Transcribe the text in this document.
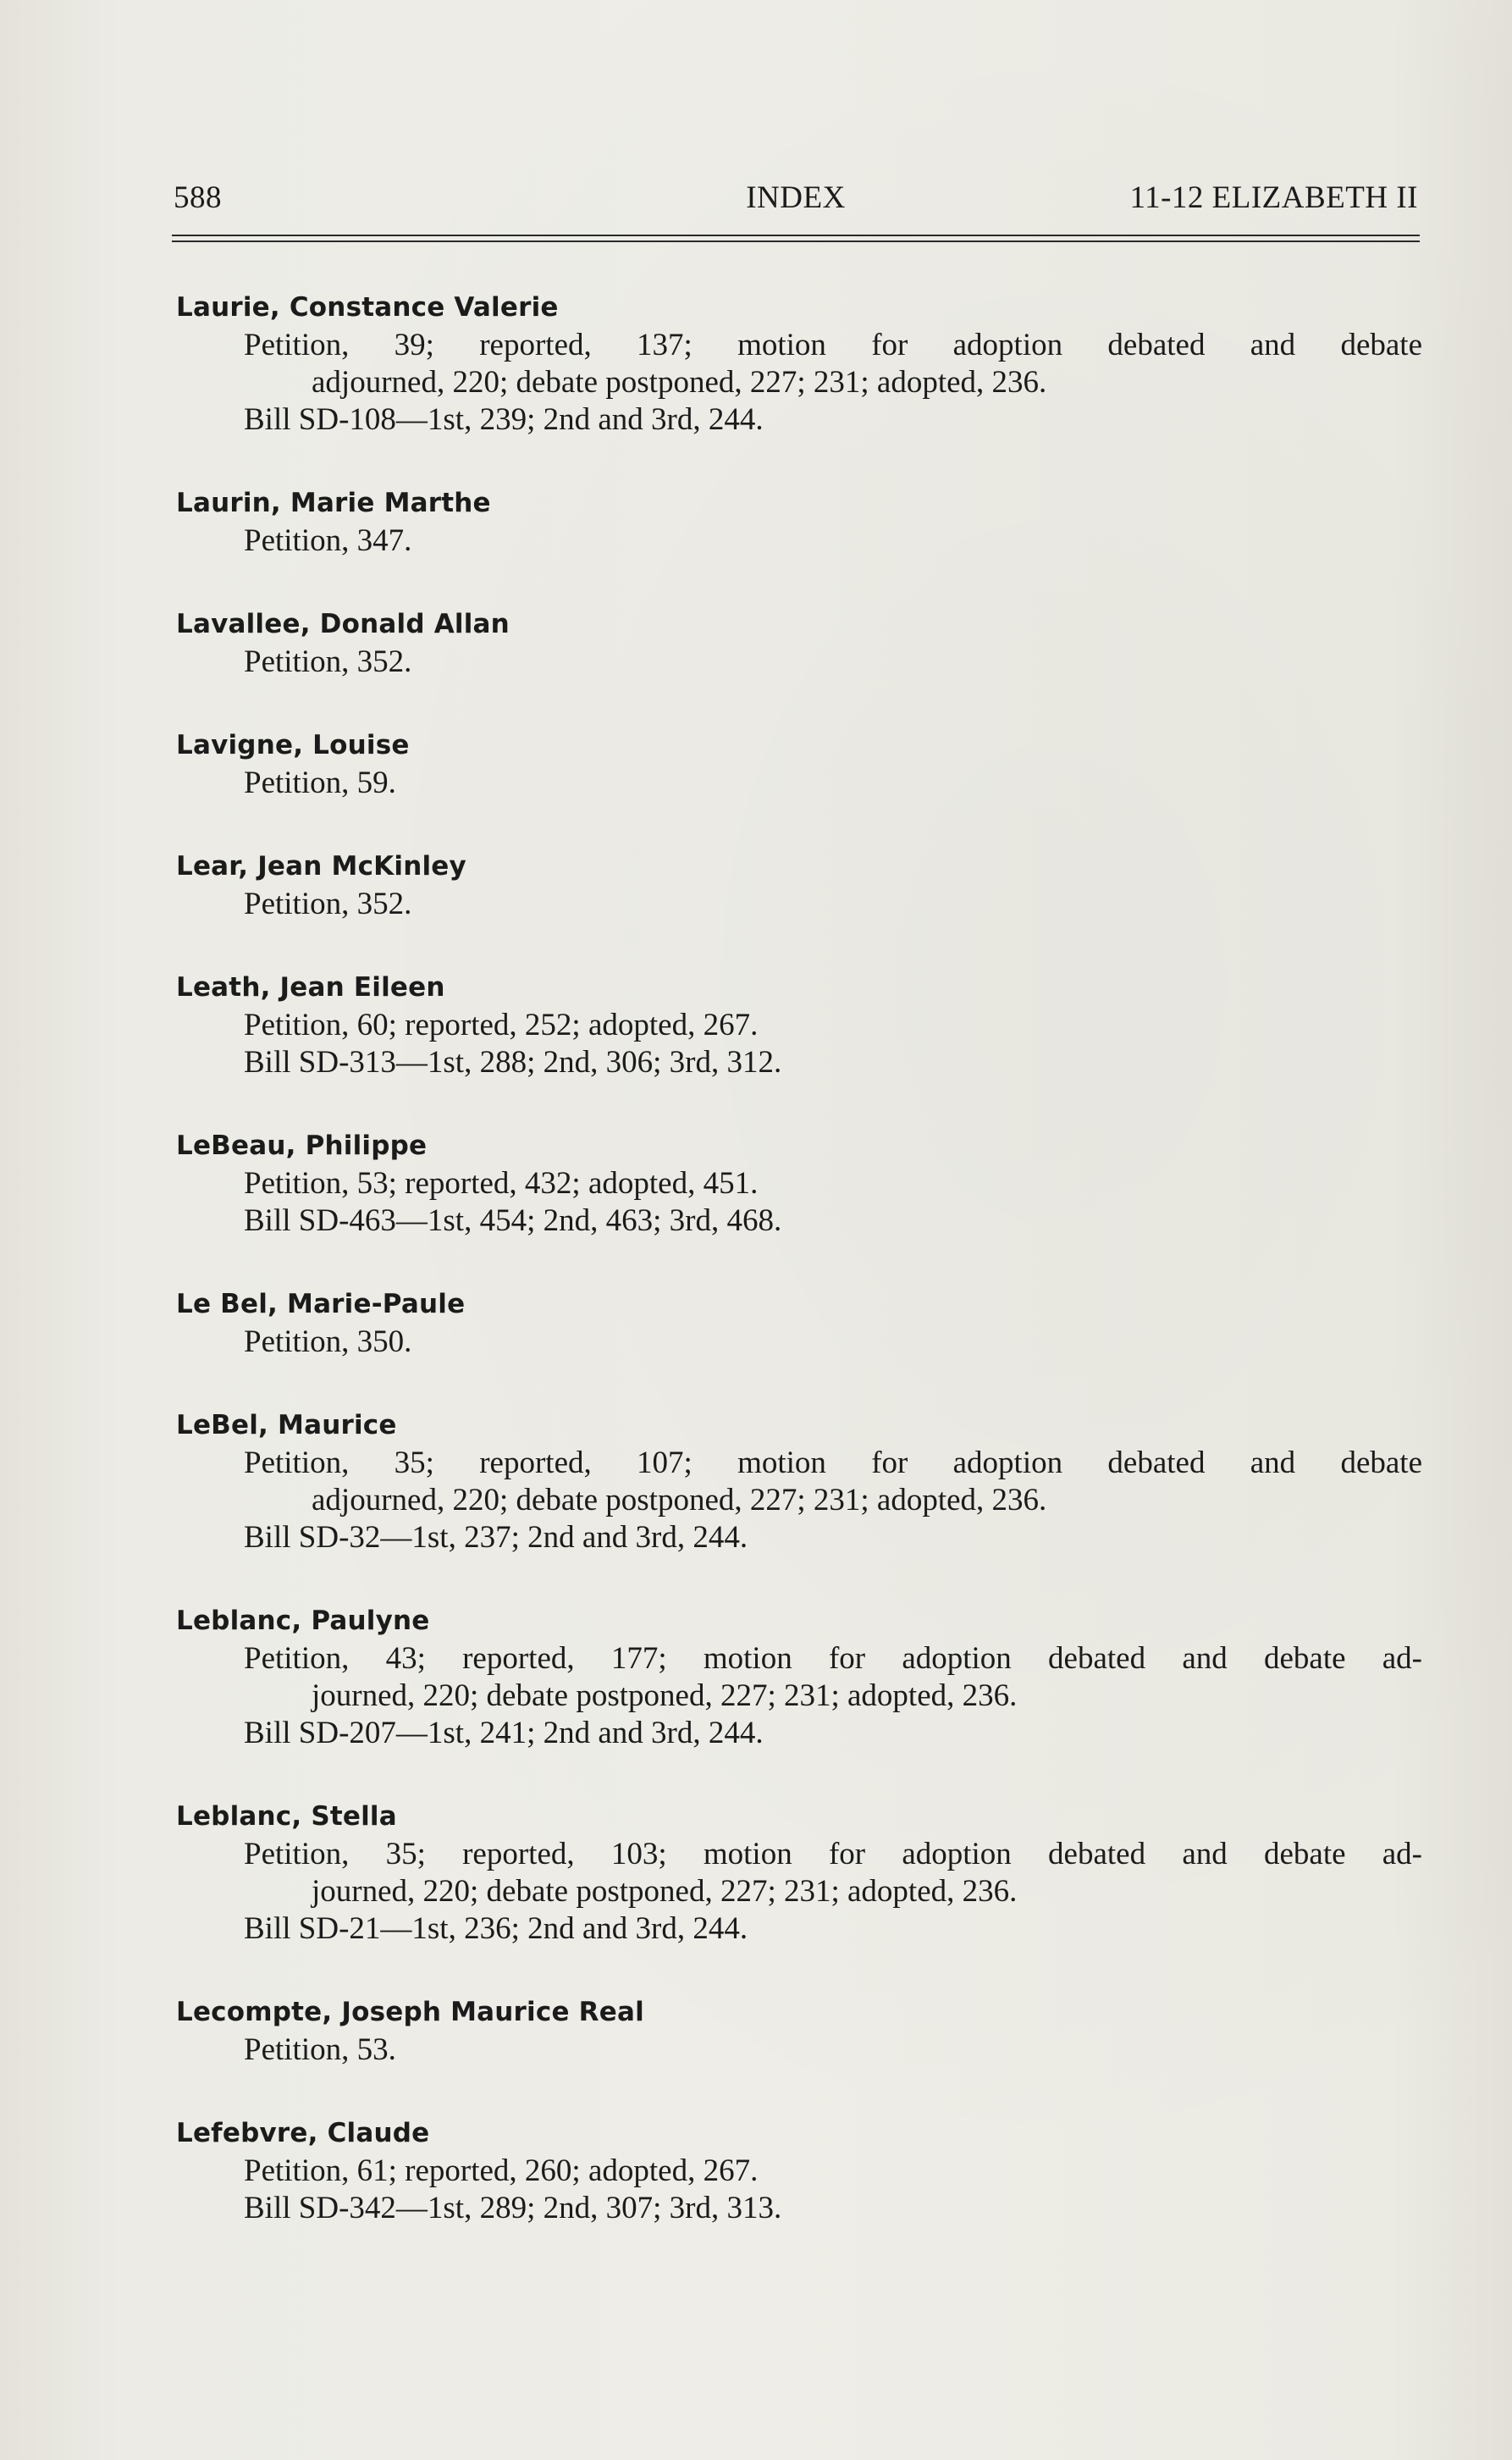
588	INDEX	11-12 ELIZABETH II
Laurie, Constance Valerie
Petition, 39; reported, 137; motion for adoption debated and debate
adjourned, 220; debate postponed, 227; 231; adopted, 236.
Bill SD-108—1st, 239; 2nd and 3rd, 244.
Laurin, Marie Marthe
Petition, 347.
Lavallee, Donald Allan
Petition, 352.
Lavigne, Louise
Petition, 59.
Lear, Jean McKinley
Petition, 352.
Leath, Jean Eileen
Petition, 60; reported, 252; adopted, 267.
Bill SD-313—1st, 288; 2nd, 306; 3rd, 312.
LeBeau, Philippe
Petition, 53; reported, 432; adopted, 451.
Bill SD-463—1st, 454; 2nd, 463; 3rd, 468.
Le Bel, Marie-Paule
Petition, 350.
LeBel, Maurice
Petition, 35; reported, 107; motion for adoption debated and debate
adjourned, 220; debate postponed, 227; 231; adopted, 236.
Bill SD-32—1st, 237; 2nd and 3rd, 244.
Leblanc, Paulyne
Petition, 43; reported, 177; motion for adoption debated and debate ad-
journed, 220; debate postponed, 227; 231; adopted, 236.
Bill SD-207—1st, 241; 2nd and 3rd, 244.
Leblanc, Stella
Petition, 35; reported, 103; motion for adoption debated and debate ad-
journed, 220; debate postponed, 227; 231; adopted, 236.
Bill SD-21—1st, 236; 2nd and 3rd, 244.
Lecompte, Joseph Maurice Real
Petition, 53.
Lefebvre, Claude
Petition, 61; reported, 260; adopted, 267.
Bill SD-342—1st, 289; 2nd, 307; 3rd, 313.
